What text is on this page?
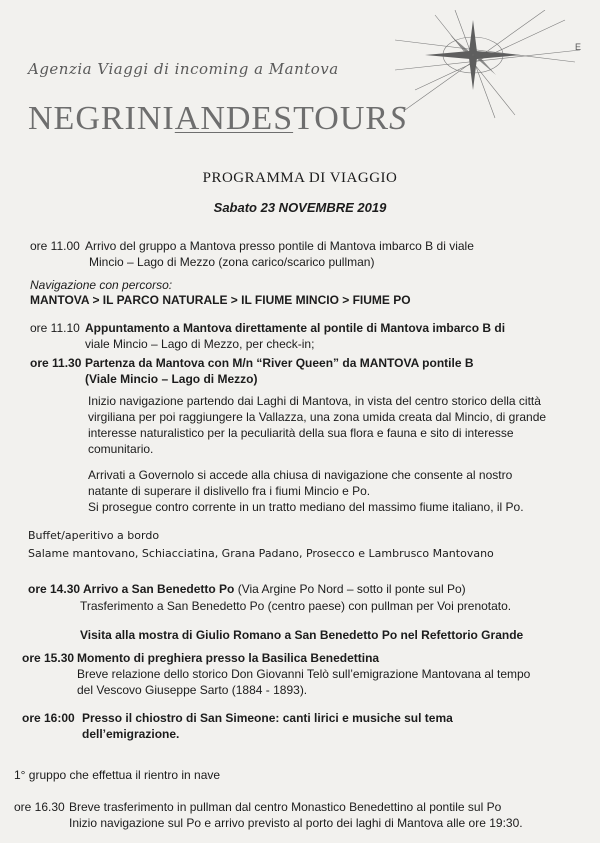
Agenzia Viaggi di incoming a Mantova
E
NEGRINIANDESTOURS
PROGRAMMA DI VIAGGIO
Sabato 23 NOVEMBRE 2019
ore 11.00 Arrivo del gruppo a Mantova presso pontile di Mantova imbarco B di viale
Mincio – Lago di Mezzo (zona carico/scarico pullman)
Navigazione con percorso:
MANTOVA > IL PARCO NATURALE > IL FIUME MINCIO > FIUME PO
ore 11.10 Appuntamento a Mantova direttamente al pontile di Mantova imbarco B di
viale Mincio – Lago di Mezzo, per check-in;
ore 11.30 Partenza da Mantova con M/n “River Queen” da MANTOVA pontile B
(Viale Mincio – Lago di Mezzo)
Inizio navigazione partendo dai Laghi di Mantova, in vista del centro storico della città
virgiliana per poi raggiungere la Vallazza, una zona umida creata dal Mincio, di grande
interesse naturalistico per la peculiarità della sua flora e fauna e sito di interesse
comunitario.
Arrivati a Governolo si accede alla chiusa di navigazione che consente al nostro
natante di superare il dislivello fra i fiumi Mincio e Po.
Si prosegue contro corrente in un tratto mediano del massimo fiume italiano, il Po.
Buffet/aperitivo a bordo
Salame mantovano, Schiacciatina, Grana Padano, Prosecco e Lambrusco Mantovano
ore 14.30 Arrivo a San Benedetto Po (Via Argine Po Nord – sotto il ponte sul Po)
Trasferimento a San Benedetto Po (centro paese) con pullman per Voi prenotato.
Visita alla mostra di Giulio Romano a San Benedetto Po nel Refettorio Grande
ore 15.30 Momento di preghiera presso la Basilica Benedettina
Breve relazione dello storico Don Giovanni Telò sull’emigrazione Mantovana al tempo
del Vescovo Giuseppe Sarto (1884 - 1893).
ore 16:00 Presso il chiostro di San Simeone: canti lirici e musiche sul tema
dell’emigrazione.
1° gruppo che effettua il rientro in nave
ore 16.30 Breve trasferimento in pullman dal centro Monastico Benedettino al pontile sul Po
Inizio navigazione sul Po e arrivo previsto al porto dei laghi di Mantova alle ore 19:30.
